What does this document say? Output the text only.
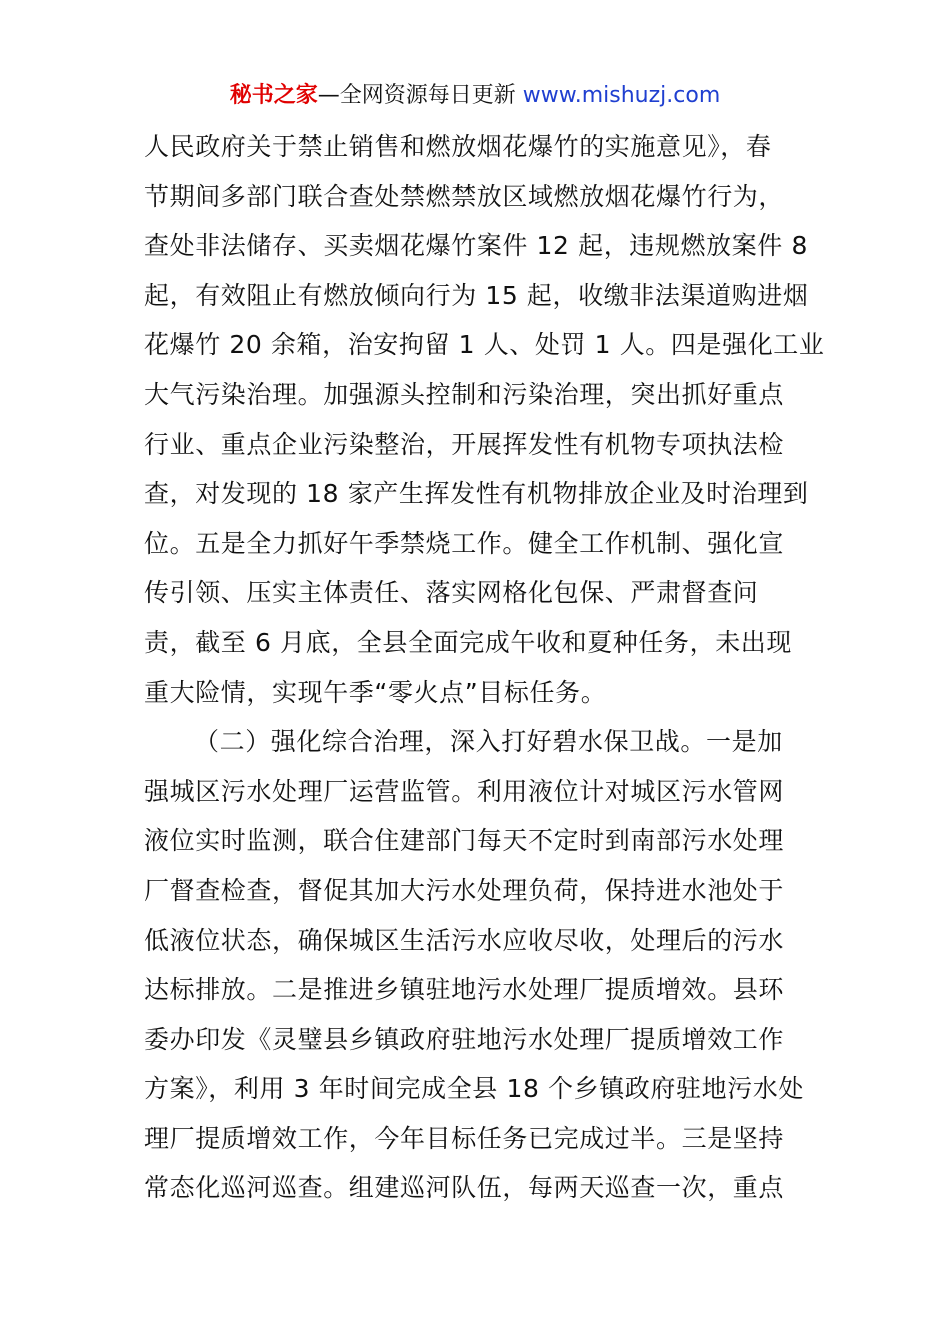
秘书之家—全网资源每日更新 www.mishuzj.com
人民政府关于禁止销售和燃放烟花爆竹的实施意见》，春
节期间多部门联合查处禁燃禁放区域燃放烟花爆竹行为，
查处非法储存、买卖烟花爆竹案件 12 起，违规燃放案件 8
起，有效阻止有燃放倾向行为 15 起，收缴非法渠道购进烟
花爆竹 20 余箱，治安拘留 1 人、处罚 1 人。四是强化工业
大气污染治理。加强源头控制和污染治理，突出抓好重点
行业、重点企业污染整治，开展挥发性有机物专项执法检
查，对发现的 18 家产生挥发性有机物排放企业及时治理到
位。五是全力抓好午季禁烧工作。健全工作机制、强化宣
传引领、压实主体责任、落实网格化包保、严肃督查问
责，截至 6 月底，全县全面完成午收和夏种任务，未出现
重大险情，实现午季“零火点”目标任务。
（二）强化综合治理，深入打好碧水保卫战。一是加
强城区污水处理厂运营监管。利用液位计对城区污水管网
液位实时监测，联合住建部门每天不定时到南部污水处理
厂督查检查，督促其加大污水处理负荷，保持进水池处于
低液位状态，确保城区生活污水应收尽收，处理后的污水
达标排放。二是推进乡镇驻地污水处理厂提质增效。县环
委办印发《灵璧县乡镇政府驻地污水处理厂提质增效工作
方案》，利用 3 年时间完成全县 18 个乡镇政府驻地污水处
理厂提质增效工作，今年目标任务已完成过半。三是坚持
常态化巡河巡查。组建巡河队伍，每两天巡查一次，重点
